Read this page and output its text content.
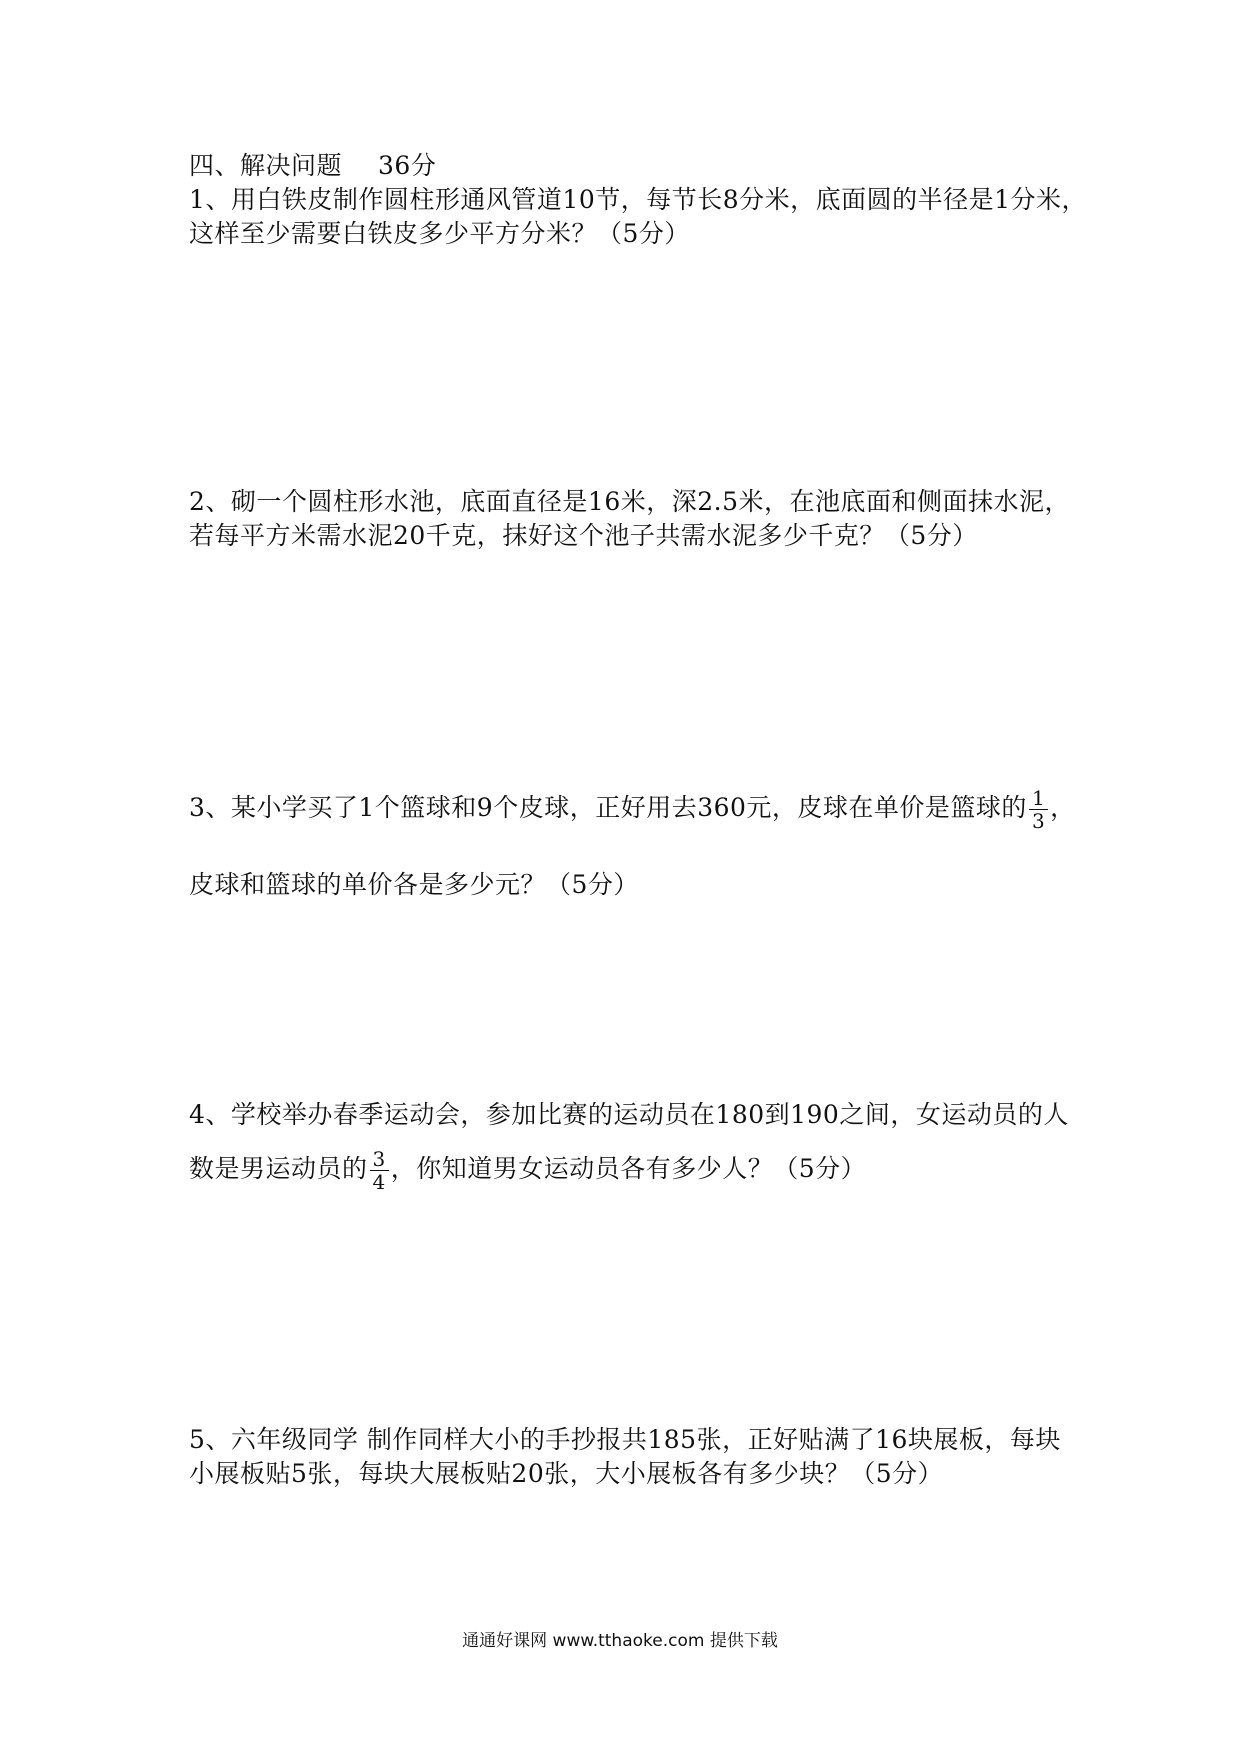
四、解决问题 36分
1、用白铁皮制作圆柱形通风管道10节，每节长8分米，底面圆的半径是1分米，
这样至少需要白铁皮多少平方分米？（5分）
2、砌一个圆柱形水池，底面直径是16米，深2.5米，在池底面和侧面抹水泥，
若每平方米需水泥20千克，抹好这个池子共需水泥多少千克？（5分）
3、某小学买了1个篮球和9个皮球，正好用去360元，皮球在单价是篮球的 $\frac{1}{3}$ ，
皮球和篮球的单价各是多少元？（5分）
4、学校举办春季运动会，参加比赛的运动员在180到190之间，女运动员的人
数是男运动员的 $\frac{3}{4}$ ，你知道男女运动员各有多少人？（5分）
5、六年级同学 制作同样大小的手抄报共185张，正好贴满了16块展板，每块
小展板贴5张，每块大展板贴20张，大小展板各有多少块？（5分）
通通好课网 www.tthaoke.com 提供下载
